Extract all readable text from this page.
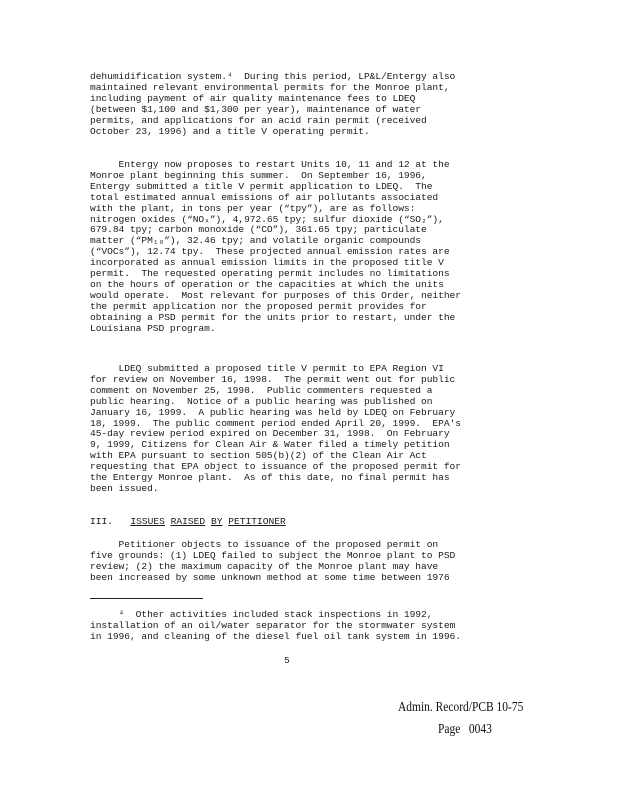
dehumidification system.⁴  During this period, LP&L/Entergy also
maintained relevant environmental permits for the Monroe plant,
including payment of air quality maintenance fees to LDEQ
(between $1,100 and $1,300 per year), maintenance of water
permits, and applications for an acid rain permit (received
October 23, 1996) and a title V operating permit.
Entergy now proposes to restart Units 10, 11 and 12 at the
Monroe plant beginning this summer.  On September 16, 1996,
Entergy submitted a title V permit application to LDEQ.  The
total estimated annual emissions of air pollutants associated
with the plant, in tons per year (“tpy”), are as follows:
nitrogen oxides (“NOₓ”), 4,972.65 tpy; sulfur dioxide (“SO₂”),
679.84 tpy; carbon monoxide (“CO”), 361.65 tpy; particulate
matter (“PM₁₀”), 32.46 tpy; and volatile organic compounds
(“VOCs”), 12.74 tpy.  These projected annual emission rates are
incorporated as annual emission limits in the proposed title V
permit.  The requested operating permit includes no limitations
on the hours of operation or the capacities at which the units
would operate.  Most relevant for purposes of this Order, neither
the permit application nor the proposed permit provides for
obtaining a PSD permit for the units prior to restart, under the
Louisiana PSD program.
LDEQ submitted a proposed title V permit to EPA Region VI
for review on November 16, 1998.  The permit went out for public
comment on November 25, 1998.  Public commenters requested a
public hearing.  Notice of a public hearing was published on
January 16, 1999.  A public hearing was held by LDEQ on February
18, 1999.  The public comment period ended April 20, 1999.  EPA's
45-day review period expired on December 31, 1998.  On February
9, 1999, Citizens for Clean Air & Water filed a timely petition
with EPA pursuant to section 505(b)(2) of the Clean Air Act
requesting that EPA object to issuance of the proposed permit for
the Entergy Monroe plant.  As of this date, no final permit has
been issued.
III. ISSUES RAISED BY PETITIONER
Petitioner objects to issuance of the proposed permit on
five grounds: (1) LDEQ failed to subject the Monroe plant to PSD
review; (2) the maximum capacity of the Monroe plant may have
been increased by some unknown method at some time between 1976
⁴  Other activities included stack inspections in 1992,
installation of an oil/water separator for the stormwater system
in 1996, and cleaning of the diesel fuel oil tank system in 1996.
5
Admin. Record/PCB 10-75
Page   0043
